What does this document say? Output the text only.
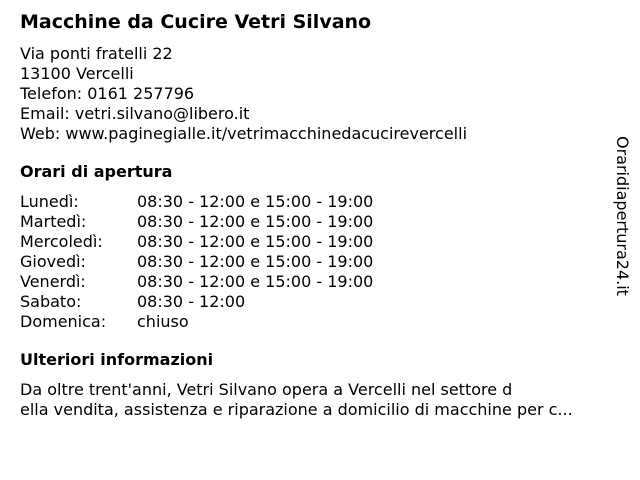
Macchine da Cucire Vetri Silvano
Via ponti fratelli 22
13100 Vercelli
Telefon: 0161 257796
Email: vetri.silvano@libero.it
Web: www.paginegialle.it/vetrimacchinedacucirevercelli
Orari di apertura
Lunedì:	08:30 - 12:00 e 15:00 - 19:00
Martedì:	08:30 - 12:00 e 15:00 - 19:00
Mercoledì:	08:30 - 12:00 e 15:00 - 19:00
Giovedì:	08:30 - 12:00 e 15:00 - 19:00
Venerdì:	08:30 - 12:00 e 15:00 - 19:00
Sabato:	08:30 - 12:00
Domenica:	chiuso
Ulteriori informazioni
Da oltre trent'anni, Vetri Silvano opera a Vercelli nel settore d
ella vendita, assistenza e riparazione a domicilio di macchine per c...
Oraridiapertura24.it
